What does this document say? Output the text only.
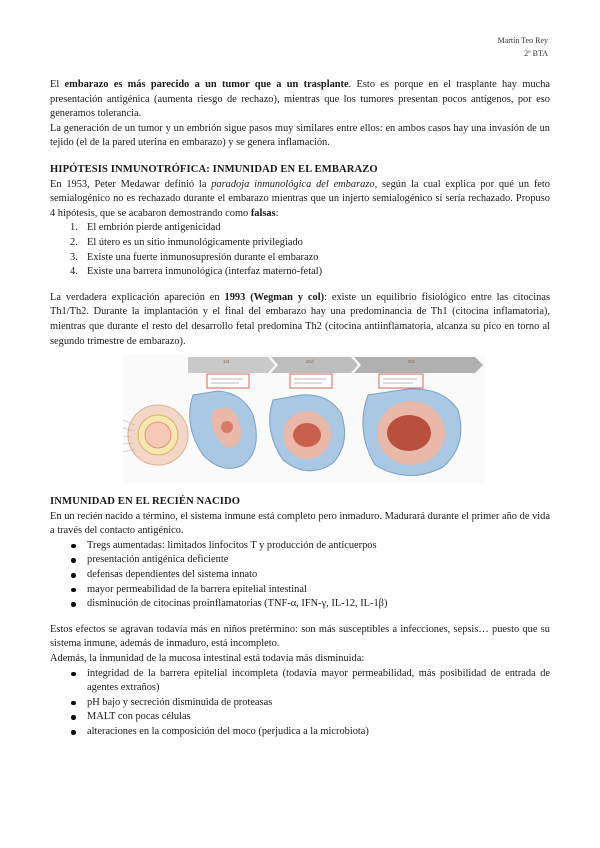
Martín Teo Rey
2º BTA

El embarazo es más parecido a un tumor que a un trasplante. Esto es porque en el trasplante hay mucha presentación antigénica (aumenta riesgo de rechazo), mientras que los tumores presentan pocos antígenos, por eso generamos tolerancia.

La generación de un tumor y un embrión sigue pasos muy similares entre ellos: en ambos casos hay una invasión de un tejido (el de la pared uterina en embarazo) y se genera inflamación.

HIPÓTESIS INMUNOTRÓFICA: INMUNIDAD EN EL EMBARAZO

En 1953, Peter Medawar definió la paradoja inmunológica del embarazo, según la cual explica por qué un feto semialogénico no es rechazado durante el embarazo mientras que un injerto semialogénico sí sería rechazado. Propuso 4 hipótesis, que se acabaron demostrando como falsas:

1. El embrión pierde antigenicidad
2. El útero es un sitio inmunológicamente privilegiado
3. Existe una fuerte inmunosupresión durante el embarazo
4. Existe una barrera inmunológica (interfaz materno-fetal)

La verdadera explicación apareción en 1993 (Wegman y col): existe un equilibrio fisiológico entre las citocinas Th1/Th2. Durante la implantación y el final del embarazo hay una predominancia de Th1 (citocina inflamatoria), mientras que durante el resto del desarrollo fetal predomina Th2 (citocina antiinflamatoria, alcanza su pico en torno al segundo trimestre de embarazo).

1st	2nd	3rd

INMUNIDAD EN EL RECIÉN NACIDO

En un recién nacido a término, el sistema inmune está completo pero inmaduro. Madurará durante el primer año de vida a través del contacto antigénico.

Tregs aumentadas: limitados linfocitos T y producción de anticuerpos
presentación antigénica deficiente
defensas dependientes del sistema innato
mayor permeabilidad de la barrera epitelial intestinal
disminución de citocinas proinflamatorias (TNF-α, IFN-γ, IL-12, IL-1β)

Estos efectos se agravan todavía más en niños pretérmino: son más susceptibles a infecciones, sepsis… puesto que su sistema inmune, además de inmaduro, está incompleto.

Además, la inmunidad de la mucosa intestinal está todavía más disminuida:

integridad de la barrera epitelial incompleta (todavía mayor permeabilidad, más posibilidad de entrada de agentes extraños)
pH bajo y secreción disminuida de proteasas
MALT con pocas células
alteraciones en la composición del moco (perjudica a la microbiota)
